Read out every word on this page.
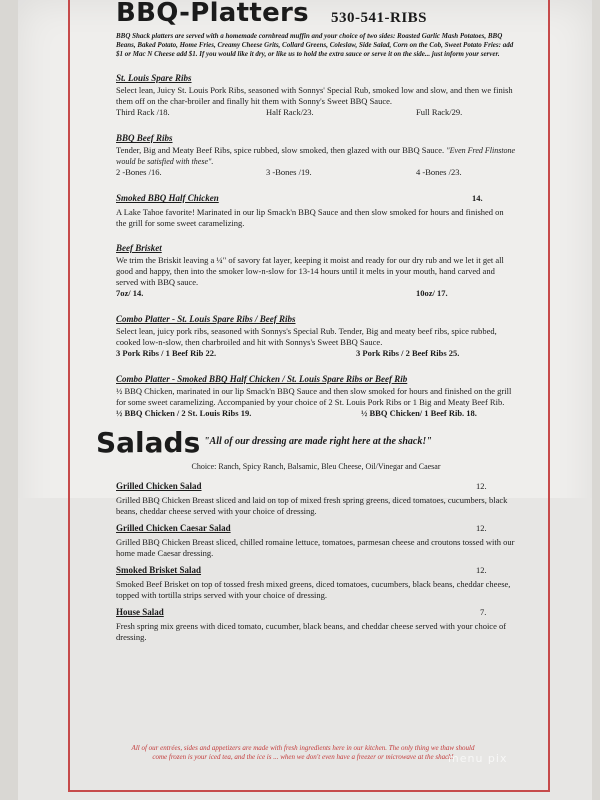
BBQ-Platters 530-541-RIBS
BBQ Shack platters are served with a homemade cornbread muffin and your choice of two sides: Roasted Garlic Mash Potatoes, BBQ Beans, Baked Potato, Home Fries, Creamy Cheese Grits, Collard Greens, Coleslaw, Side Salad, Corn on the Cob, Sweet Potato Fries: add $1 or Mac N Cheese add $1. If you would like it dry, or like us to hold the extra sauce or serve it on the side... just inform your server.
St. Louis Spare Ribs
Select lean, Juicy St. Louis Pork Ribs, seasoned with Sonnys' Special Rub, smoked low and slow, and then we finish them off on the char-broiler and finally hit them with Sonny's Sweet BBQ Sauce.
Third Rack /18.	Half Rack/23.	Full Rack/29.
BBQ Beef Ribs
Tender, Big and Meaty Beef Ribs, spice rubbed, slow smoked, then glazed with our BBQ Sauce. "Even Fred Flinstone would be satisfied with these".
2 -Bones /16.	3 -Bones /19.	4 -Bones /23.
Smoked BBQ Half Chicken	14.
A Lake Tahoe favorite! Marinated in our lip Smack'n BBQ Sauce and then slow smoked for hours and finished on the grill for some sweet caramelizing.
Beef Brisket
We trim the Briskit leaving a ¼" of savory fat layer, keeping it moist and ready for our dry rub and we let it get all good and happy, then into the smoker low-n-slow for 13-14 hours until it melts in your mouth, hand carved and served with BBQ sauce.
7oz/ 14.	10oz/ 17.
Combo Platter - St. Louis Spare Ribs / Beef Ribs
Select lean, juicy pork ribs, seasoned with Sonnys's Special Rub. Tender, Big and meaty beef ribs, spice rubbed, cooked low-n-slow, then charbroiled and hit with Sonnys's Sweet BBQ Sauce.
3 Pork Ribs / 1 Beef Rib 22.	3 Pork Ribs / 2 Beef Ribs 25.
Combo Platter - Smoked BBQ Half Chicken / St. Louis Spare Ribs or Beef Rib
½ BBQ Chicken, marinated in our lip Smack'n BBQ Sauce and then slow smoked for hours and finished on the grill for some sweet caramelizing. Accompanied by your choice of 2 St. Louis Pork Ribs or 1 Big and Meaty Beef Rib.
½ BBQ Chicken / 2 St. Louis Ribs 19.	½ BBQ Chicken/ 1 Beef Rib. 18.
Salads "All of our dressing are made right here at the shack!"
Choice: Ranch, Spicy Ranch, Balsamic, Bleu Cheese, Oil/Vinegar and Caesar
Grilled Chicken Salad	12.
Grilled BBQ Chicken Breast sliced and laid on top of mixed fresh spring greens, diced tomatoes, cucumbers, black beans, cheddar cheese served with your choice of dressing.
Grilled Chicken Caesar Salad	12.
Grilled BBQ Chicken Breast sliced, chilled romaine lettuce, tomatoes, parmesan cheese and croutons tossed with our home made Caesar dressing.
Smoked Brisket Salad	12.
Smoked Beef Brisket on top of tossed fresh mixed greens, diced tomatoes, cucumbers, black beans, cheddar cheese, topped with tortilla strips served with your choice of dressing.
House Salad	7.
Fresh spring mix greens with diced tomato, cucumber, black beans, and cheddar cheese served with your choice of dressing.
All of our entrées, sides and appetizers are made with fresh ingredients here in our kitchen. The only thing we thaw should come frozen is your iced tea, and the ice is ... when we don't even have a freezer or microwave at the shack!
menu pix
